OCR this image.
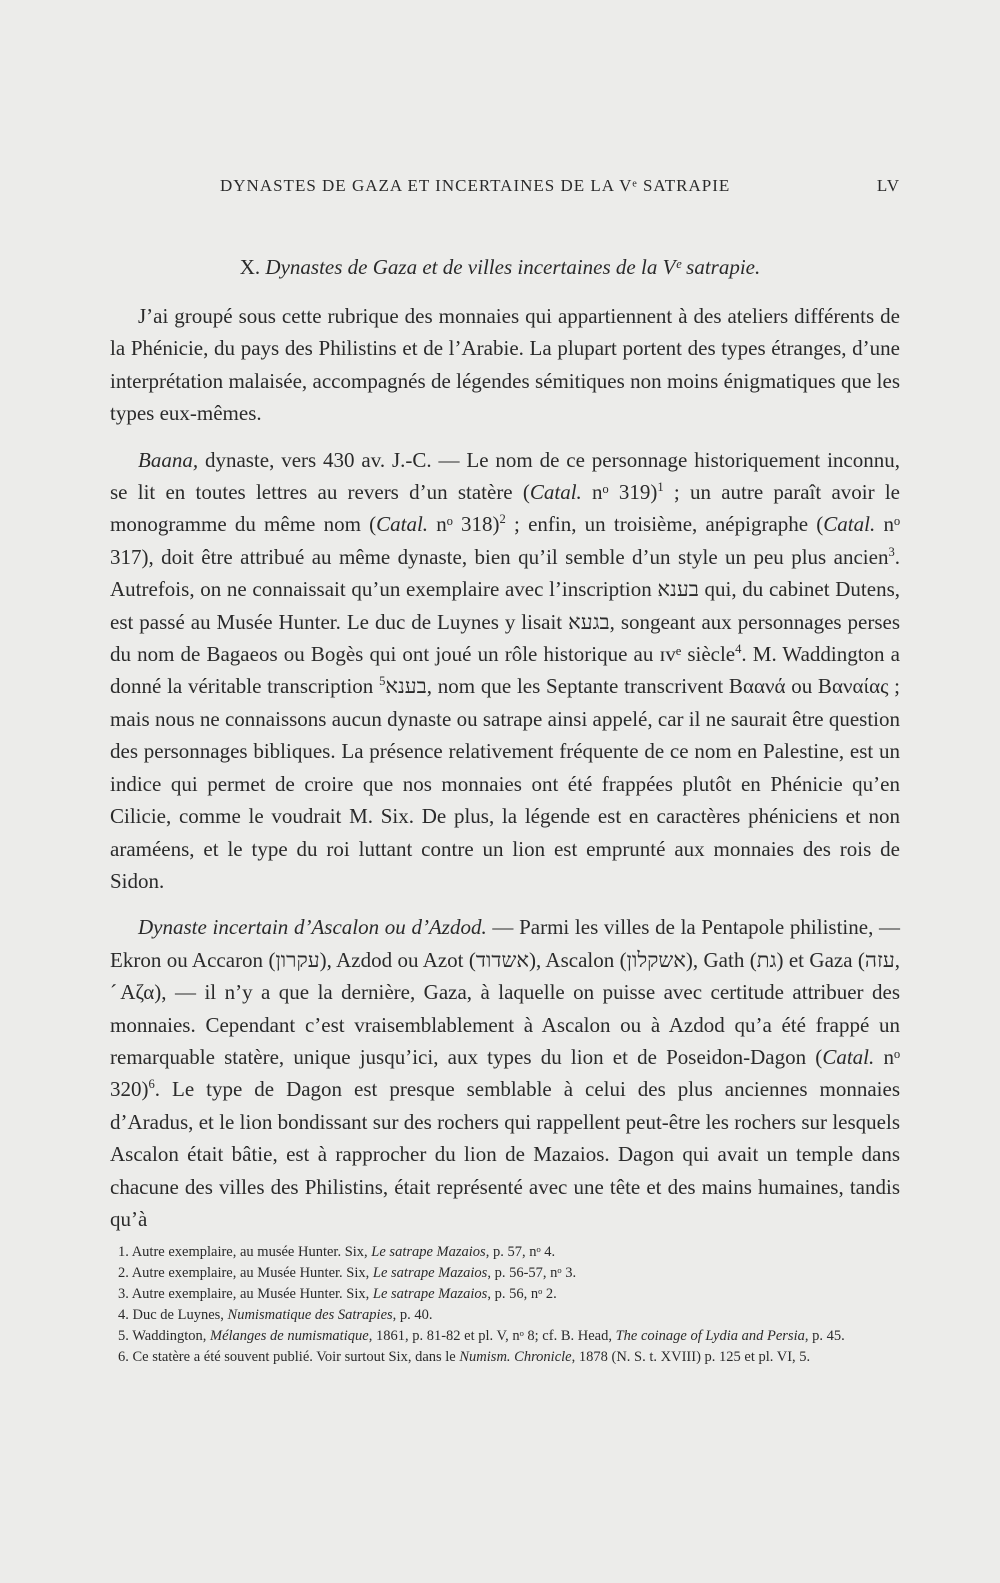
DYNASTES DE GAZA ET INCERTAINES DE LA Vᵉ SATRAPIE	LV
X. Dynastes de Gaza et de villes incertaines de la Vᵉ satrapie.

J’ai groupé sous cette rubrique des monnaies qui appartiennent à des ateliers différents de la Phénicie, du pays des Philistins et de l’Arabie. La plupart portent des types étranges, d’une interprétation malaisée, accompagnés de légendes sémitiques non moins énigmatiques que les types eux-mêmes.

Baana, dynaste, vers 430 av. J.-C. — Le nom de ce personnage historiquement inconnu, se lit en toutes lettres au revers d’un statère (Catal. nᵒ 319)$^1$ ; un autre paraît avoir le monogramme du même nom (Catal. nᵒ 318)$^2$ ; enfin, un troisième, anépigraphe (Catal. nᵒ 317), doit être attribué au même dynaste, bien qu’il semble d’un style un peu plus ancien$^3$. Autrefois, on ne connaissait qu’un exemplaire avec l’inscription בענא qui, du cabinet Dutens, est passé au Musée Hunter. Le duc de Luynes y lisait בגעא, songeant aux personnages perses du nom de Bagaeos ou Bogès qui ont joué un rôle historique au ɪᴠᵉ siècle$^4$. M. Waddington a donné la véritable transcription בענא$^5$ , nom que les Septante transcrivent Βαανά ou Βαναίας ; mais nous ne connaissons aucun dynaste ou satrape ainsi appelé, car il ne saurait être question des personnages bibliques. La présence relativement fréquente de ce nom en Palestine, est un indice qui permet de croire que nos monnaies ont été frappées plutôt en Phénicie qu’en Cilicie, comme le voudrait M. Six. De plus, la légende est en caractères phéniciens et non araméens, et le type du roi luttant contre un lion est emprunté aux monnaies des rois de Sidon.

Dynaste incertain d’Ascalon ou d’Azdod. — Parmi les villes de la Pentapole philistine, — Ekron ou Accaron (עקרון), Azdod ou Azot (אשדוד), Ascalon (אשקלון), Gath (גת) et Gaza (עזה, ˊΑζα), — il n’y a que la dernière, Gaza, à laquelle on puisse avec certitude attribuer des monnaies. Cependant c’est vraisemblablement à Ascalon ou à Azdod qu’a été frappé un remarquable statère, unique jusqu’ici, aux types du lion et de Poseidon-Dagon (Catal. nᵒ 320)$^6$. Le type de Dagon est presque semblable à celui des plus anciennes monnaies d’Aradus, et le lion bondissant sur des rochers qui rappellent peut-être les rochers sur lesquels Ascalon était bâtie, est à rapprocher du lion de Mazaios. Dagon qui avait un temple dans chacune des villes des Philistins, était représenté avec une tête et des mains humaines, tandis qu’à

1. Autre exemplaire, au musée Hunter. Six, Le satrape Mazaios, p. 57, nᵒ 4.

2. Autre exemplaire, au Musée Hunter. Six, Le satrape Mazaios, p. 56-57, nᵒ 3.

3. Autre exemplaire, au Musée Hunter. Six, Le satrape Mazaios, p. 56, nᵒ 2.

4. Duc de Luynes, Numismatique des Satrapies, p. 40.

5. Waddington, Mélanges de numismatique, 1861, p. 81-82 et pl. V, nᵒ 8; cf. B. Head, The coinage of Lydia and Persia, p. 45.

6. Ce statère a été souvent publié. Voir surtout Six, dans le Numism. Chronicle, 1878 (N. S. t. XVIII) p. 125 et pl. VI, 5.
